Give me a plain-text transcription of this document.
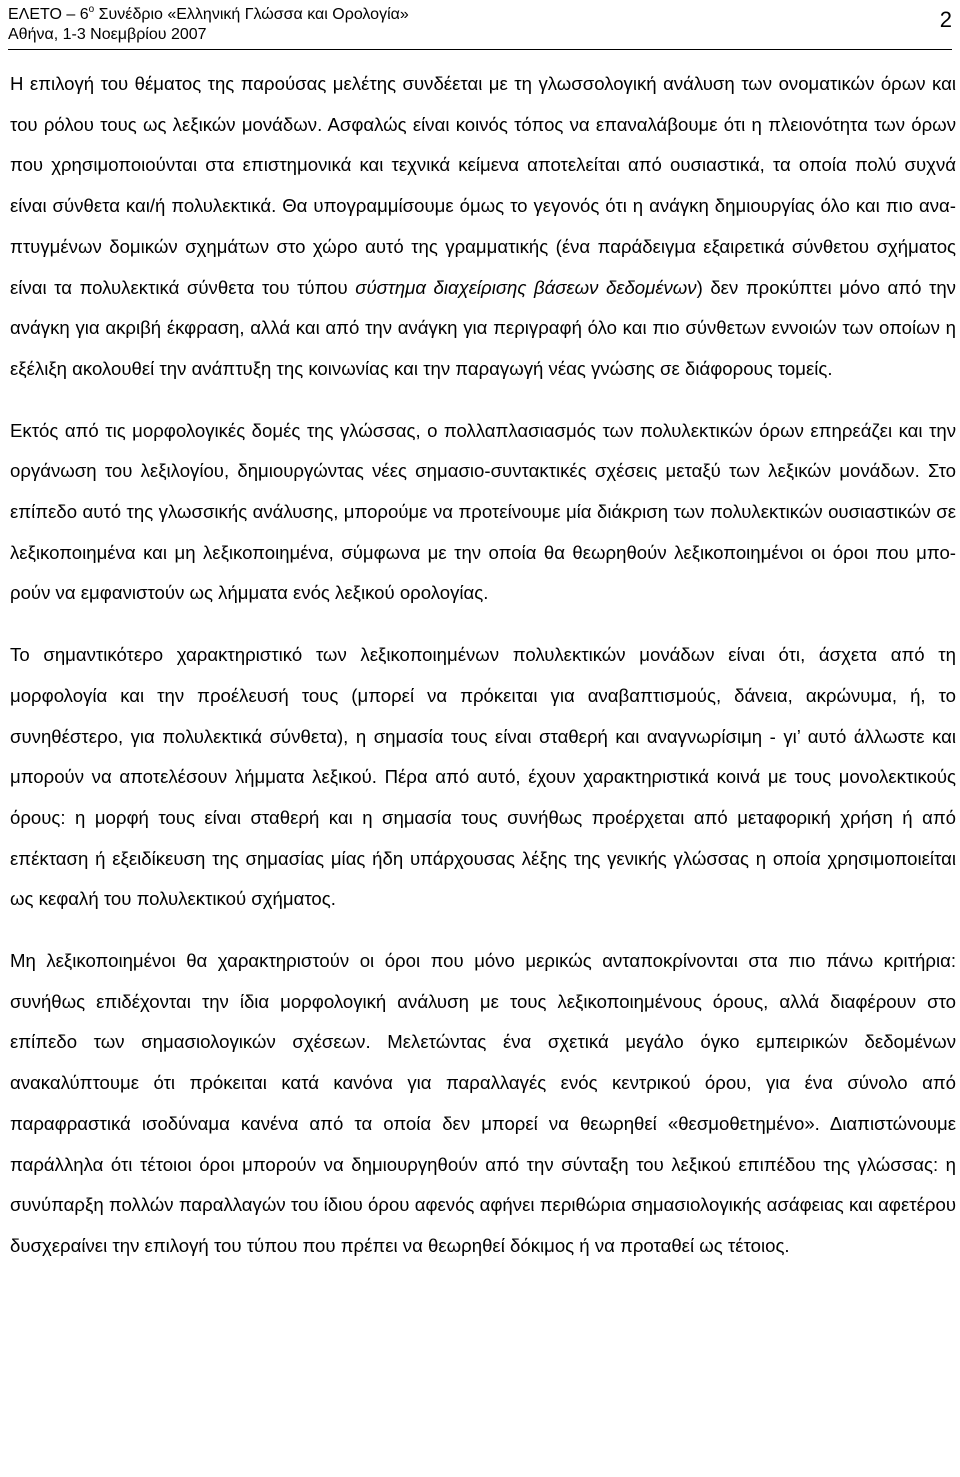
ΕΛΕΤΟ – $6^o$ Συνέδριο «Ελληνική Γλώσσα και Ορολογία»
Αθήνα, 1-3 Νοεμβρίου 2007
2

Η επιλογή του θέματος της παρούσας μελέτης συνδέεται με τη γλωσσολογική ανάλυση των ονοματικών όρων και του ρόλου τους ως λεξικών μονάδων. Ασφαλώς είναι κοινός τόπος να επαναλάβουμε ότι η πλειονότητα των όρων που χρησιμοποιούνται στα επιστημονικά και τεχνικά κείμενα αποτελείται από ουσιαστικά, τα οποία πολύ συχνά είναι σύνθετα και/ή πολυλεκτικά. Θα υπογραμμίσουμε όμως το γεγονός ότι η ανάγκη δημιουργίας όλο και πιο αναπτυγμένων δομικών σχημάτων στο χώρο αυτό της γραμματικής (ένα παράδειγμα εξαιρετικά σύνθετου σχήματος είναι τα πολυλεκτικά σύνθετα του τύπου σύστημα διαχείρισης βάσεων δεδομένων) δεν προκύπτει μόνο από την ανάγκη για ακριβή έκφραση, αλλά και από την ανάγκη για περιγραφή όλο και πιο σύνθετων εννοιών των οποίων η εξέλιξη ακολουθεί την ανάπτυξη της κοινωνίας και την παραγωγή νέας γνώσης σε διάφορους τομείς.

Εκτός από τις μορφολογικές δομές της γλώσσας, ο πολλαπλασιασμός των πολυλεκτικών όρων επηρεάζει και την οργάνωση του λεξιλογίου, δημιουργώντας νέες σημασιο-συντακτικές σχέσεις μεταξύ των λεξικών μονάδων. Στο επίπεδο αυτό της γλωσσικής ανάλυσης, μπορούμε να προτείνουμε μία διάκριση των πολυλεκτικών ουσιαστικών σε λεξικοποιημένα και μη λεξικοποιημένα, σύμφωνα με την οποία θα θεωρηθούν λεξικοποιημένοι οι όροι που μπορούν να εμφανιστούν ως λήμματα ενός λεξικού ορολογίας.

Το σημαντικότερο χαρακτηριστικό των λεξικοποιημένων πολυλεκτικών μονάδων είναι ότι, άσχετα από τη μορφολογία και την προέλευσή τους (μπορεί να πρόκειται για αναβαπτισμούς, δάνεια, ακρώνυμα, ή, το συνηθέστερο, για πολυλεκτικά σύνθετα), η σημασία τους είναι σταθερή και αναγνωρίσιμη - γι’ αυτό άλλωστε και μπορούν να αποτελέσουν λήμματα λεξικού. Πέρα από αυτό, έχουν χαρακτηριστικά κοινά με τους μονολεκτικούς όρους: η μορφή τους είναι σταθερή και η σημασία τους συνήθως προέρχεται από μεταφορική χρήση ή από επέκταση ή εξειδίκευση της σημασίας μίας ήδη υπάρχουσας λέξης της γενικής γλώσσας η οποία χρησιμοποιείται ως κεφαλή του πολυλεκτικού σχήματος.

Μη λεξικοποιημένοι θα χαρακτηριστούν οι όροι που μόνο μερικώς ανταποκρίνονται στα πιο πάνω κριτήρια: συνήθως επιδέχονται την ίδια μορφολογική ανάλυση με τους λεξικοποιημένους όρους, αλλά διαφέρουν στο επίπεδο των σημασιολογικών σχέσεων. Μελετώντας ένα σχετικά μεγάλο όγκο εμπειρικών δεδομένων ανακαλύπτουμε ότι πρόκειται κατά κανόνα για παραλλαγές ενός κεντρικού όρου, για ένα σύνολο από παραφραστικά ισοδύναμα κανένα από τα οποία δεν μπορεί να θεωρηθεί «θεσμοθετημένο». Διαπιστώνουμε παράλληλα ότι τέτοιοι όροι μπορούν να δημιουργηθούν από την σύνταξη του λεξικού επιπέδου της γλώσσας: η συνύπαρξη πολλών παραλλαγών του ίδιου όρου αφενός αφήνει περιθώρια σημασιολογικής ασάφειας και αφετέρου δυσχεραίνει την επιλογή του τύπου που πρέπει να θεωρηθεί δόκιμος ή να προταθεί ως τέτοιος.
